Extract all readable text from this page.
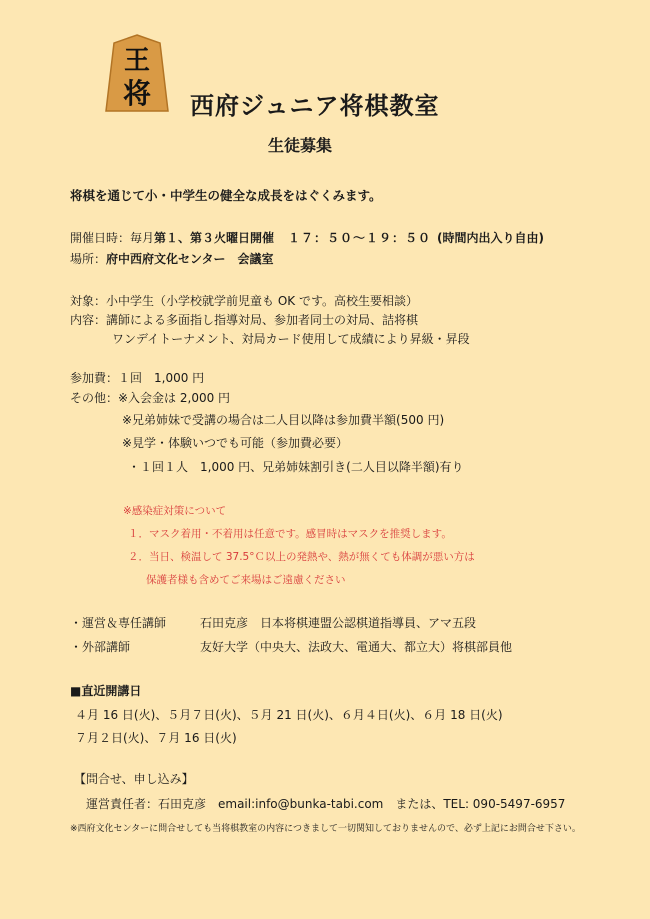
王
将 西府ジュニア将棋教室
生徒募集
将棋を通じて小・中学生の健全な成長をはぐくみます。
開催日時：毎月第１、第３火曜日開催 １７：５０〜１９：５０ (時間内出入り自由)
場所：府中西府文化センター　会議室
対象：小中学生（小学校就学前児童も OK です。高校生要相談）
内容：講師による多面指し指導対局、参加者同士の対局、詰将棋
ワンデイトーナメント、対局カード使用して成績により昇級・昇段
参加費：１回　1,000 円
その他：※入会金は 2,000 円
※兄弟姉妹で受講の場合は二人目以降は参加費半額(500 円)
※見学・体験いつでも可能（参加費必要）
・１回１人　1,000 円、兄弟姉妹割引き(二人目以降半額)有り
※感染症対策について
１．マスク着用・不着用は任意です。感冒時はマスクを推奨します。
２．当日、検温して 37.5°Ｃ以上の発熱や、熱が無くても体調が悪い方は
保護者様も含めてご来場はご遠慮ください
・運営＆専任講師	石田克彦　日本将棋連盟公認棋道指導員、アマ五段
・外部講師	友好大学（中央大、法政大、電通大、都立大）将棋部員他
■直近開講日
４月 16 日(火)、５月７日(火)、５月 21 日(火)、６月４日(火)、６月 18 日(火)
７月２日(火)、７月 16 日(火)
【問合せ、申し込み】
運営責任者：石田克彦　email:info@bunka-tabi.com　または、TEL: 090-5497-6957
※西府文化センターに問合せしても当将棋教室の内容につきまして一切関知しておりませんので、必ず上記にお問合せ下さい。
